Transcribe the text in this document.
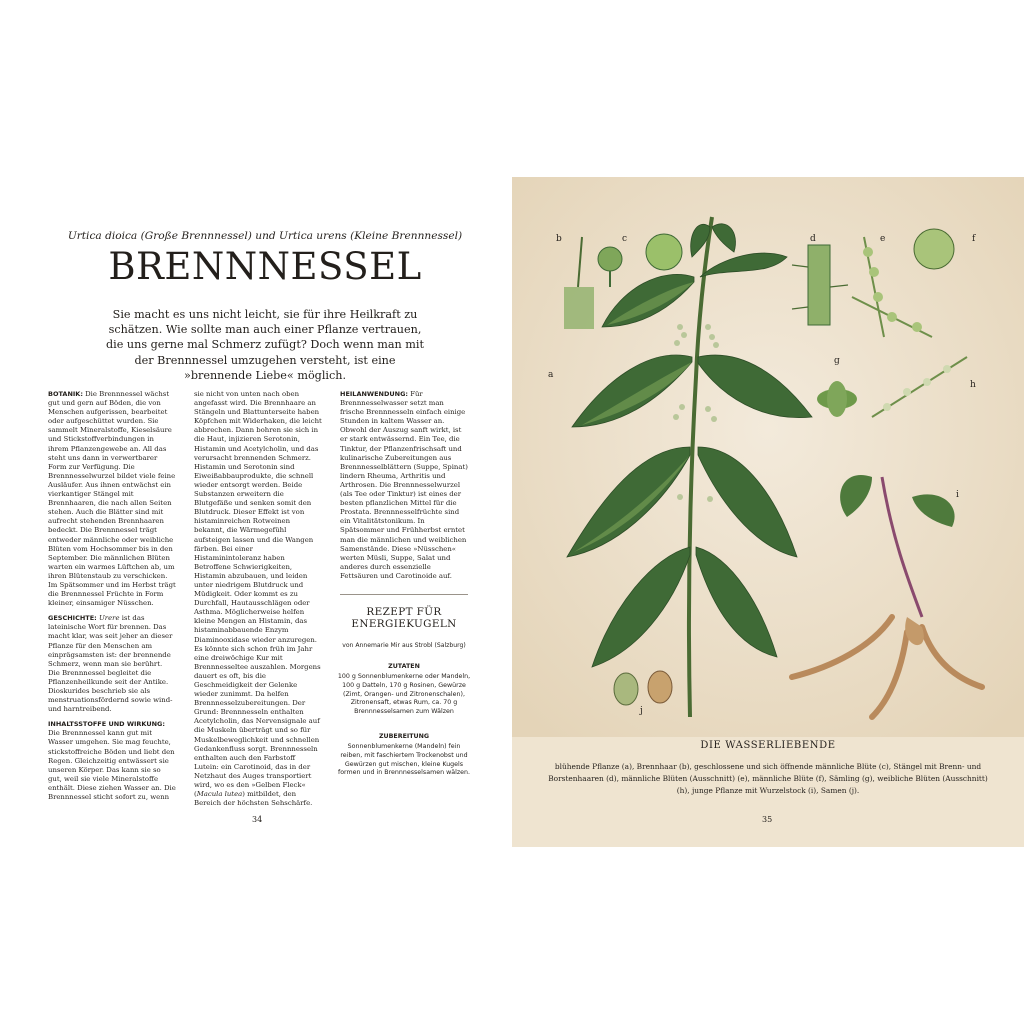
Urtica dioica (Große Brennnessel) und Urtica urens (Kleine Brennnessel)
BRENNNESSEL
Sie macht es uns nicht leicht, sie für ihre Heilkraft zu schätzen. Wie sollte man auch einer Pflanze vertrauen, die uns gerne mal Schmerz zufügt? Doch wenn man mit der Brennnessel umzugehen versteht, ist eine »brennende Liebe« möglich.

BOTANIK: Die Brennnessel wächst gut und gern auf Böden, die von Menschen aufgerissen, bearbeitet oder aufgeschüttet wurden. Sie sammelt Mineralstoffe, Kieselsäure und Stickstoffverbindungen in ihrem Pflanzengewebe an. All das steht uns dann in verwertbarer Form zur Verfügung. Die Brennnesselwurzel bildet viele feine Ausläufer. Aus ihnen entwächst ein vierkantiger Stängel mit Brennhaaren, die nach allen Seiten stehen. Auch die Blätter sind mit aufrecht stehenden Brennhaaren bedeckt. Die Brennnessel trägt entweder männliche oder weibliche Blüten vom Hochsommer bis in den September. Die männlichen Blüten warten ein warmes Lüftchen ab, um ihren Blütenstaub zu verschicken. Im Spätsommer und im Herbst trägt die Brennnessel Früchte in Form kleiner, einsamiger Nüsschen.

GESCHICHTE: Urere ist das lateinische Wort für brennen. Das macht klar, was seit jeher an dieser Pflanze für den Menschen am einprägsamsten ist: der brennende Schmerz, wenn man sie berührt. Die Brennnessel begleitet die Pflanzenheilkunde seit der Antike. Dioskurides beschrieb sie als menstruationsfördernd sowie wind- und harntreibend.

INHALTSSTOFFE UND WIRKUNG: Die Brennnessel kann gut mit Wasser umgehen. Sie mag feuchte, stickstoffreiche Böden und liebt den Regen. Gleichzeitig entwässert sie unseren Körper. Das kann sie so gut, weil sie viele Mineralstoffe enthält. Diese ziehen Wasser an. Die Brennnessel sticht sofort zu, wenn

sie nicht von unten nach oben angefasst wird. Die Brennhaare an Stängeln und Blattunterseite haben Köpfchen mit Widerhaken, die leicht abbrechen. Dann bohren sie sich in die Haut, injizieren Serotonin, Histamin und Acetylcholin, und das verursacht brennenden Schmerz. Histamin und Serotonin sind Eiweißabbauprodukte, die schnell wieder entsorgt werden. Beide Substanzen erweitern die Blutgefäße und senken somit den Blutdruck. Dieser Effekt ist von histaminreichen Rotweinen bekannt, die Wärmegefühl aufsteigen lassen und die Wangen färben. Bei einer Histaminintoleranz haben Betroffene Schwierigkeiten, Histamin abzubauen, und leiden unter niedrigem Blutdruck und Müdigkeit. Oder kommt es zu Durchfall, Hautausschlägen oder Asthma. Möglicherweise helfen kleine Mengen an Histamin, das histaminabbauende Enzym Diaminooxidase wieder anzuregen. Es könnte sich schon früh im Jahr eine dreiwöchige Kur mit Brennnesseltee auszahlen. Morgens dauert es oft, bis die Geschmeidigkeit der Gelenke wieder zunimmt. Da helfen Brennnesselzubereitungen. Der Grund: Brennnesseln enthalten Acetylcholin, das Nervensignale auf die Muskeln überträgt und so für Muskelbeweglichkeit und schnellen Gedankenfluss sorgt. Brennnesseln enthalten auch den Farbstoff Lutein: ein Carotinoid, das in der Netzhaut des Auges transportiert wird, wo es den »Gelben Fleck« (Macula lutea) mitbildet, den Bereich der höchsten Sehschärfe.

HEILANWENDUNG: Für Brennnesselwasser setzt man frische Brennnesseln einfach einige Stunden in kaltem Wasser an. Obwohl der Auszug sanft wirkt, ist er stark entwässernd. Ein Tee, die Tinktur, der Pflanzenfrischsaft und kulinarische Zubereitungen aus Brennnesselblättern (Suppe, Spinat) lindern Rheuma, Arthritis und Arthrosen. Die Brennnesselwurzel (als Tee oder Tinktur) ist eines der besten pflanzlichen Mittel für die Prostata. Brennnesselfrüchte sind ein Vitalitätstonikum. In Spätsommer und Frühherbst erntet man die männlichen und weiblichen Samenstände. Diese »Nüsschen« werten Müsli, Suppe, Salat und anderes durch essenzielle Fettsäuren und Carotinoide auf.

REZEPT FÜR ENERGIEKUGELN
von Annemarie Mir aus Strobl (Salzburg)
ZUTATEN
100 g Sonnenblumenkerne oder Mandeln, 100 g Datteln, 170 g Rosinen, Gewürze (Zimt, Orangen- und Zitronenschalen), Zitronensaft, etwas Rum, ca. 70 g Brennnesselsamen zum Wälzen
ZUBEREITUNG
Sonnenblumenkerne (Mandeln) fein reiben, mit faschiertem Trockenobst und Gewürzen gut mischen, kleine Kugels formen und in Brennnesselsamen wälzen.
34
a
b	c	d	e	f
g
h
i
j
DIE WASSERLIEBENDE
blühende Pflanze (a), Brennhaar (b), geschlossene und sich öffnende männliche Blüte (c), Stängel mit Brenn- und Borstenhaaren (d), männliche Blüten (Ausschnitt) (e), männliche Blüte (f), Sämling (g), weibliche Blüten (Ausschnitt) (h), junge Pflanze mit Wurzelstock (i), Samen (j).
35
